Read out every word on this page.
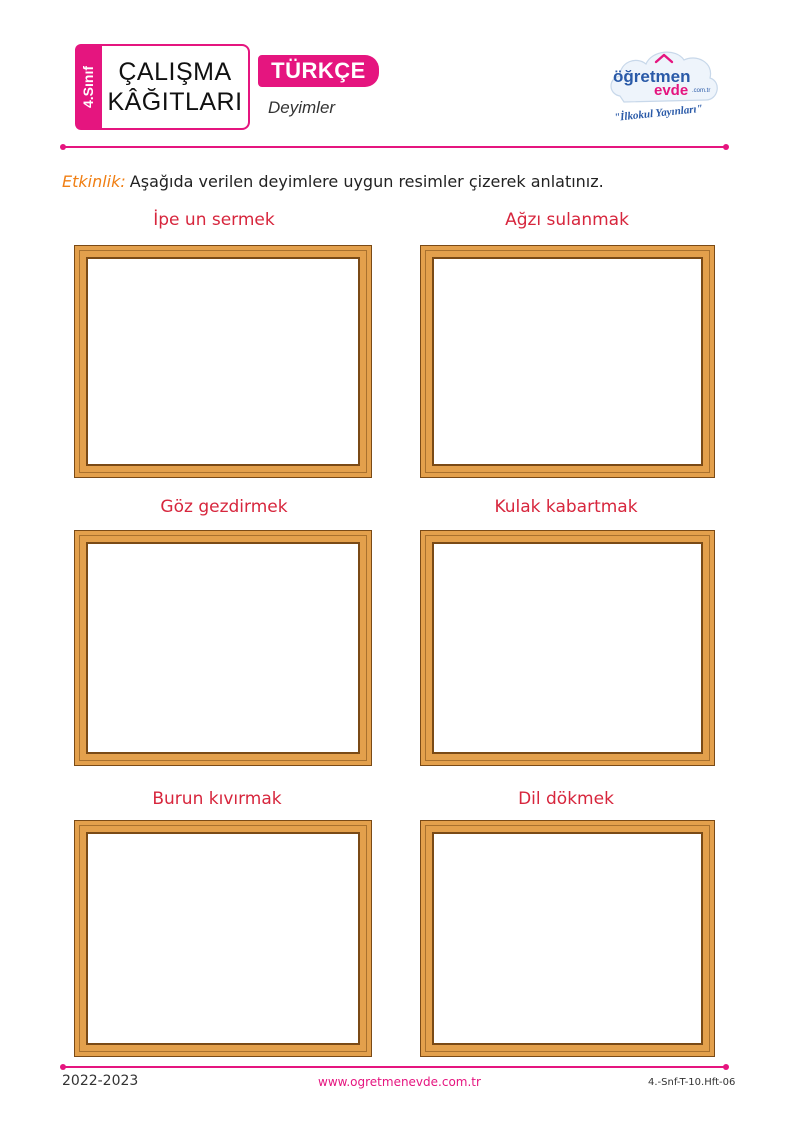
4.Sınıf ÇALIŞMA
KÂĞITLARI
TÜRKÇE
Deyimler
öğretmen
evde .com.tr
"İlkokul Yayınları"
Etkinlik: Aşağıda verilen deyimlere uygun resimler çizerek anlatınız.
İpe un sermek	Ağzı sulanmak
Göz gezdirmek	Kulak kabartmak
Burun kıvırmak	Dil dökmek
2022-2023	www.ogretmenevde.com.tr	4.-Snf-T-10.Hft-06
